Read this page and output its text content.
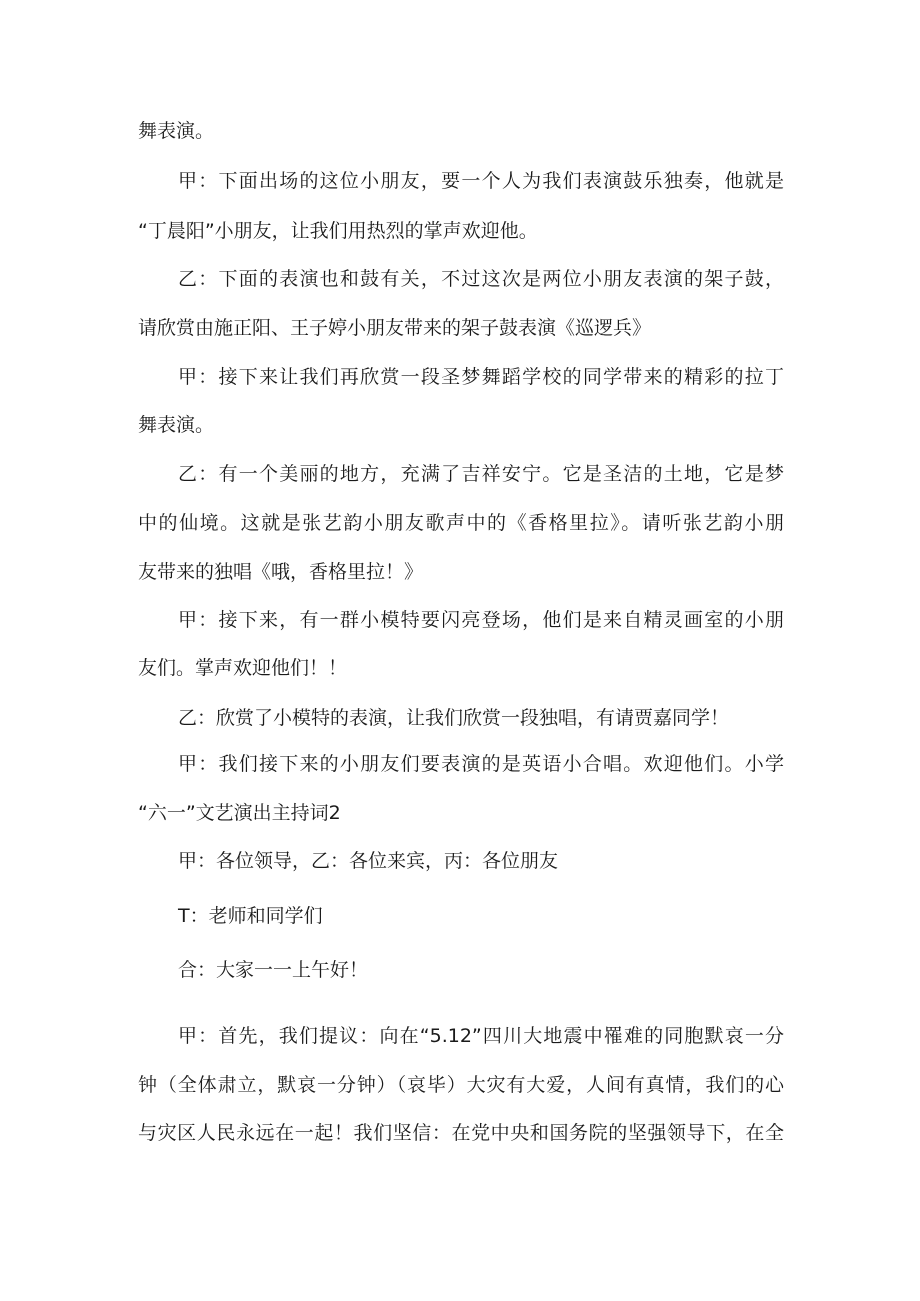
舞表演。
甲：下面出场的这位小朋友，要一个人为我们表演鼓乐独奏，他就是
“丁晨阳”小朋友，让我们用热烈的掌声欢迎他。
乙：下面的表演也和鼓有关，不过这次是两位小朋友表演的架子鼓，
请欣赏由施正阳、王子婷小朋友带来的架子鼓表演《巡逻兵》
甲：接下来让我们再欣赏一段圣梦舞蹈学校的同学带来的精彩的拉丁
舞表演。
乙：有一个美丽的地方，充满了吉祥安宁。它是圣洁的土地，它是梦
中的仙境。这就是张艺韵小朋友歌声中的《香格里拉》。请听张艺韵小朋
友带来的独唱《哦，香格里拉！》
甲：接下来，有一群小模特要闪亮登场，他们是来自精灵画室的小朋
友们。掌声欢迎他们！！
乙：欣赏了小模特的表演，让我们欣赏一段独唱，有请贾嘉同学！
甲：我们接下来的小朋友们要表演的是英语小合唱。欢迎他们。小学
“六一”文艺演出主持词2
甲：各位领导，乙：各位来宾，丙：各位朋友
T：老师和同学们
合：大家一一上午好！
甲：首先，我们提议：向在“5.12”四川大地震中罹难的同胞默哀一分
钟（全体肃立，默哀一分钟）（哀毕）大灾有大爱，人间有真情，我们的心
与灾区人民永远在一起！我们坚信：在党中央和国务院的坚强领导下，在全
